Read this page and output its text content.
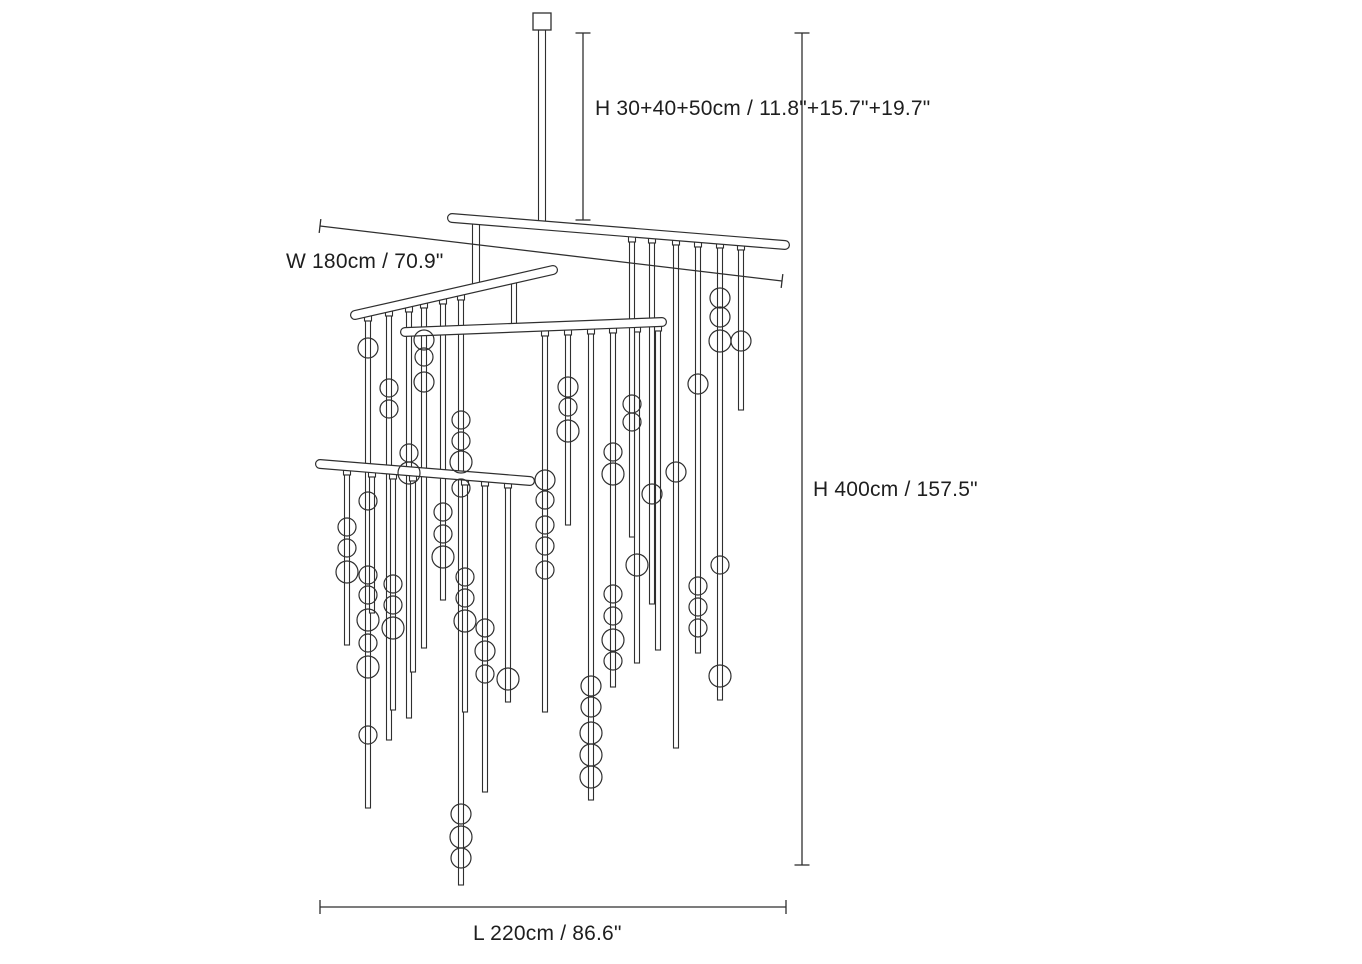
H 30+40+50cm / 11.8"+15.7"+19.7"
W 180cm / 70.9"
H 400cm / 157.5"
L 220cm / 86.6"
